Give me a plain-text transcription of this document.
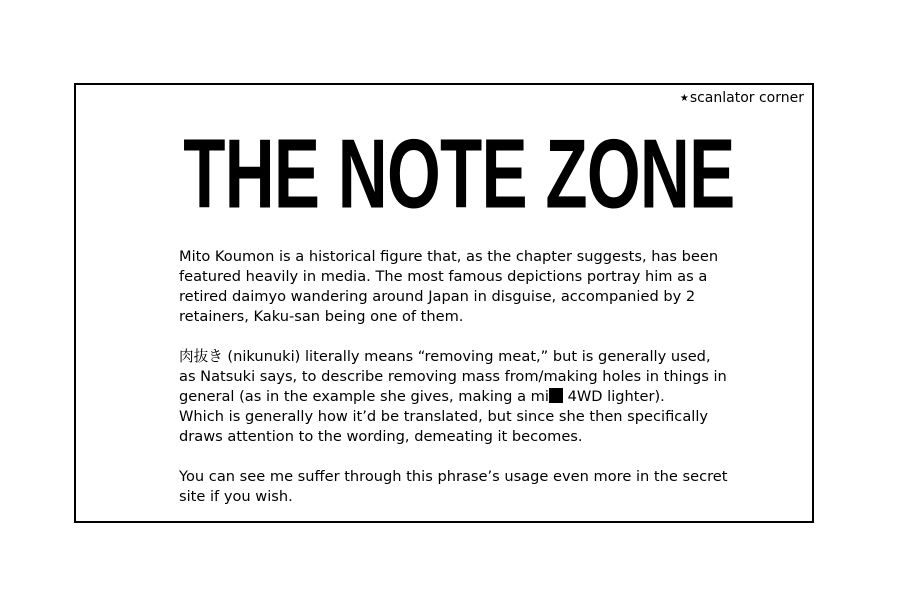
★scanlator corner
THE NOTE ZONE

Mito Koumon is a historical figure that, as the chapter suggests, has been
featured heavily in media. The most famous depictions portray him as a
retired daimyo wandering around Japan in disguise, accompanied by 2
retainers, Kaku-san being one of them.

肉抜き (nikunuki) literally means “removing meat,” but is generally used,
as Natsuki says, to describe removing mass from/making holes in things in
general (as in the example she gives, making a mi 4WD lighter).
Which is generally how it’d be translated, but since she then specifically
draws attention to the wording, demeating it becomes.

You can see me suffer through this phrase’s usage even more in the secret
site if you wish.
